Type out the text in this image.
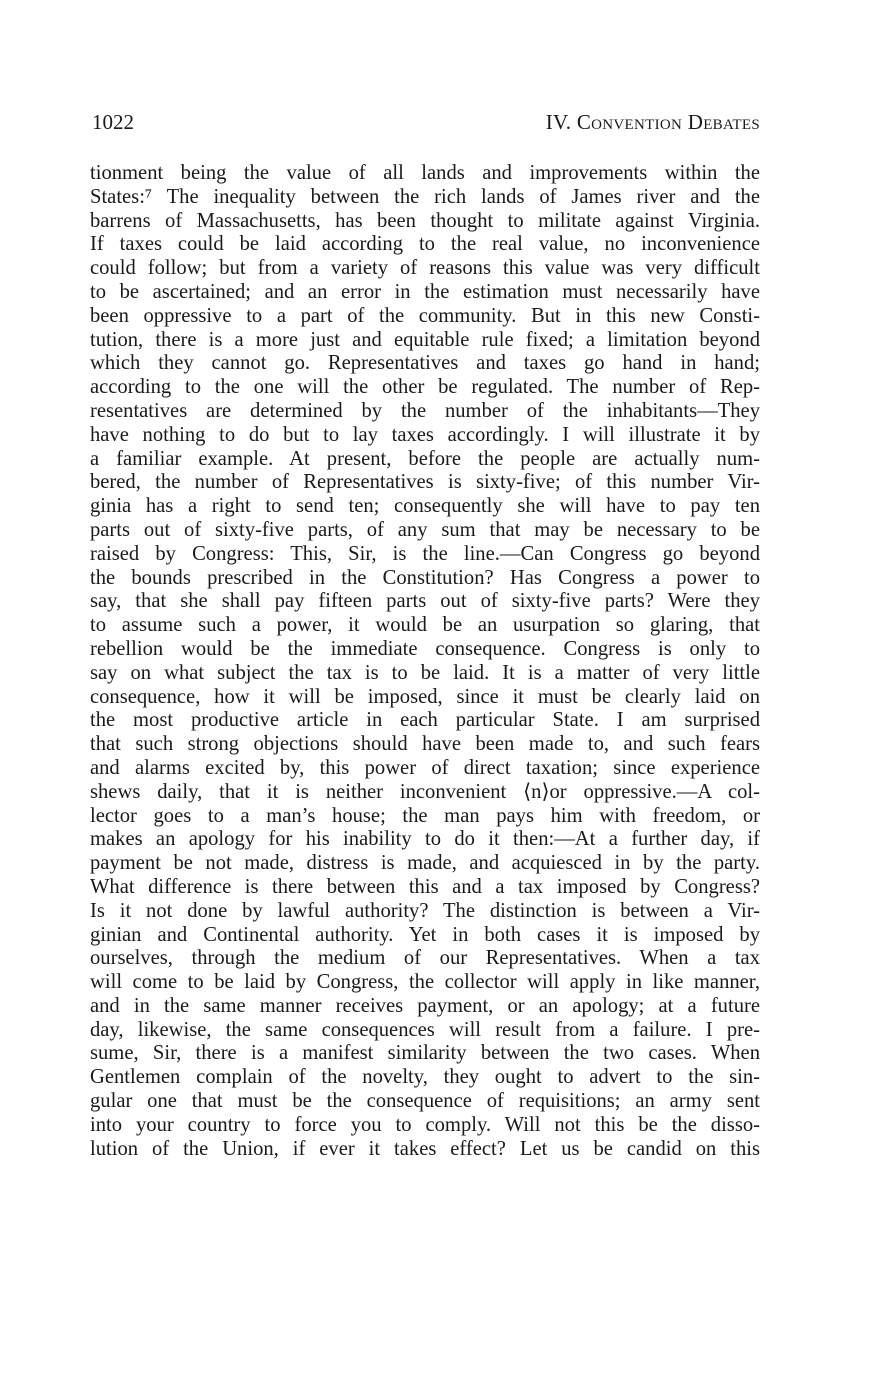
1022	IV. Convention Debates
tionment being the value of all lands and improvements within the
States:⁷ The inequality between the rich lands of James river and the
barrens of Massachusetts, has been thought to militate against Virginia.
If taxes could be laid according to the real value, no inconvenience
could follow; but from a variety of reasons this value was very difficult
to be ascertained; and an error in the estimation must necessarily have
been oppressive to a part of the community. But in this new Consti-
tution, there is a more just and equitable rule fixed; a limitation beyond
which they cannot go. Representatives and taxes go hand in hand;
according to the one will the other be regulated. The number of Rep-
resentatives are determined by the number of the inhabitants—They
have nothing to do but to lay taxes accordingly. I will illustrate it by
a familiar example. At present, before the people are actually num-
bered, the number of Representatives is sixty-five; of this number Vir-
ginia has a right to send ten; consequently she will have to pay ten
parts out of sixty-five parts, of any sum that may be necessary to be
raised by Congress: This, Sir, is the line.—Can Congress go beyond
the bounds prescribed in the Constitution? Has Congress a power to
say, that she shall pay fifteen parts out of sixty-five parts? Were they
to assume such a power, it would be an usurpation so glaring, that
rebellion would be the immediate consequence. Congress is only to
say on what subject the tax is to be laid. It is a matter of very little
consequence, how it will be imposed, since it must be clearly laid on
the most productive article in each particular State. I am surprised
that such strong objections should have been made to, and such fears
and alarms excited by, this power of direct taxation; since experience
shews daily, that it is neither inconvenient ⟨n⟩or oppressive.—A col-
lector goes to a man’s house; the man pays him with freedom, or
makes an apology for his inability to do it then:—At a further day, if
payment be not made, distress is made, and acquiesced in by the party.
What difference is there between this and a tax imposed by Congress?
Is it not done by lawful authority? The distinction is between a Vir-
ginian and Continental authority. Yet in both cases it is imposed by
ourselves, through the medium of our Representatives. When a tax
will come to be laid by Congress, the collector will apply in like manner,
and in the same manner receives payment, or an apology; at a future
day, likewise, the same consequences will result from a failure. I pre-
sume, Sir, there is a manifest similarity between the two cases. When
Gentlemen complain of the novelty, they ought to advert to the sin-
gular one that must be the consequence of requisitions; an army sent
into your country to force you to comply. Will not this be the disso-
lution of the Union, if ever it takes effect? Let us be candid on this
